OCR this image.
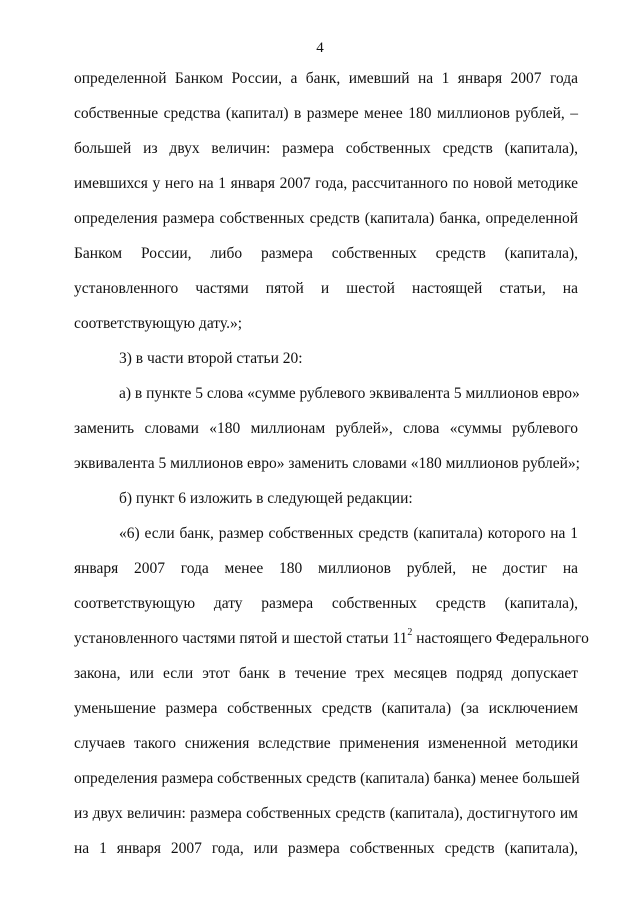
4
определенной Банком России, а банк, имевший на 1 января 2007 года
собственные средства (капитал) в размере менее 180 миллионов рублей, –
большей из двух величин: размера собственных средств (капитала),
имевшихся у него на 1 января 2007 года, рассчитанного по новой методике
определения размера собственных средств (капитала) банка, определенной
Банком России, либо размера собственных средств (капитала),
установленного частями пятой и шестой настоящей статьи, на
соответствующую дату.»;
3) в части второй статьи 20:
а) в пункте 5 слова «сумме рублевого эквивалента 5 миллионов евро»
заменить словами «180 миллионам рублей», слова «суммы рублевого
эквивалента 5 миллионов евро» заменить словами «180 миллионов рублей»;
б) пункт 6 изложить в следующей редакции:
«6) если банк, размер собственных средств (капитала) которого на 1
января 2007 года менее 180 миллионов рублей, не достиг на
соответствующую дату размера собственных средств (капитала),
установленного частями пятой и шестой статьи $11^2$ настоящего Федерального
закона, или если этот банк в течение трех месяцев подряд допускает
уменьшение размера собственных средств (капитала) (за исключением
случаев такого снижения вследствие применения измененной методики
определения размера собственных средств (капитала) банка) менее большей
из двух величин: размера собственных средств (капитала), достигнутого им
на 1 января 2007 года, или размера собственных средств (капитала),
